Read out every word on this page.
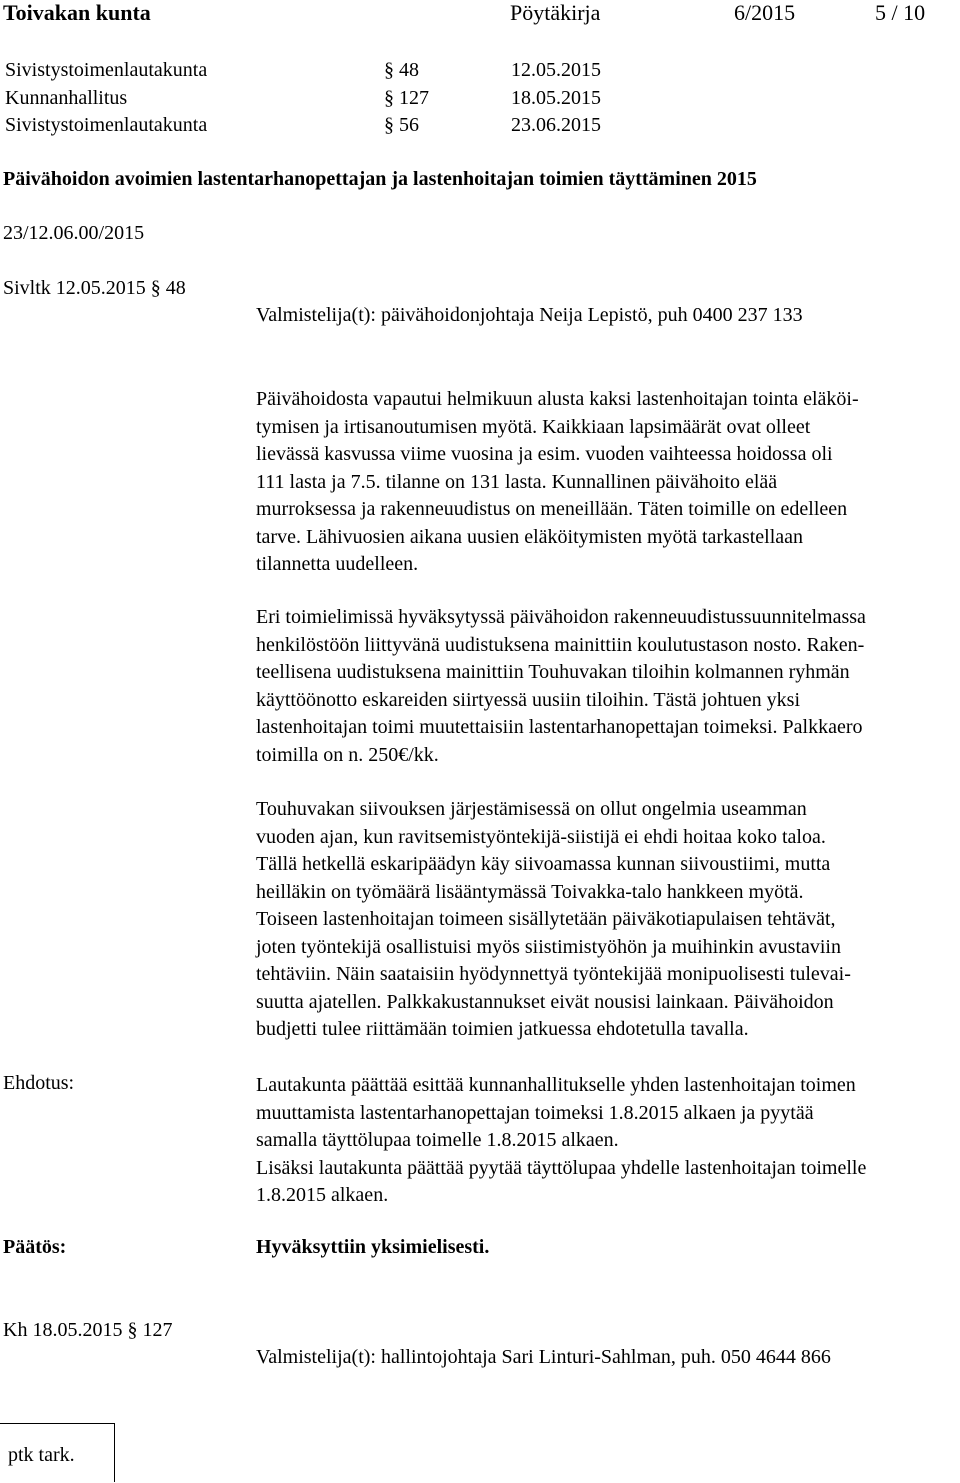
Toivakan kunta	Pöytäkirja	6/2015	5 / 10
Sivistystoimenlautakunta	§ 48	12.05.2015
Kunnanhallitus	§ 127	18.05.2015
Sivistystoimenlautakunta	§ 56	23.06.2015
Päivähoidon avoimien lastentarhanopettajan ja lastenhoitajan toimien täyttäminen 2015
23/12.06.00/2015
Sivltk 12.05.2015 § 48
Valmistelija(t): päivähoidonjohtaja Neija Lepistö, puh 0400 237 133
Päivähoidosta vapautui helmikuun alusta kaksi lastenhoitajan tointa eläköi-
tymisen ja irtisanoutumisen myötä. Kaikkiaan lapsimäärät ovat olleet
lievässä kasvussa viime vuosina ja esim. vuoden vaihteessa hoidossa oli
111 lasta ja 7.5. tilanne on 131 lasta. Kunnallinen päivähoito elää
murroksessa ja rakenneuudistus on meneillään. Täten toimille on edelleen
tarve. Lähivuosien aikana uusien eläköitymisten myötä tarkastellaan
tilannetta uudelleen.
Eri toimielimissä hyväksytyssä päivähoidon rakenneuudistussuunnitelmassa
henkilöstöön liittyvänä uudistuksena mainittiin koulutustason nosto. Raken-
teellisena uudistuksena mainittiin Touhuvakan tiloihin kolmannen ryhmän
käyttöönotto eskareiden siirtyessä uusiin tiloihin. Tästä johtuen yksi
lastenhoitajan toimi muutettaisiin lastentarhanopettajan toimeksi. Palkkaero
toimilla on n. 250€/kk.
Touhuvakan siivouksen järjestämisessä on ollut ongelmia useamman
vuoden ajan, kun ravitsemistyöntekijä-siistijä ei ehdi hoitaa koko taloa.
Tällä hetkellä eskaripäädyn käy siivoamassa kunnan siivoustiimi, mutta
heilläkin on työmäärä lisääntymässä Toivakka-talo hankkeen myötä.
Toiseen lastenhoitajan toimeen sisällytetään päiväkotiapulaisen tehtävät,
joten työntekijä osallistuisi myös siistimistyöhön ja muihinkin avustaviin
tehtäviin. Näin saataisiin hyödynnettyä työntekijää monipuolisesti tulevai-
suutta ajatellen. Palkkakustannukset eivät nousisi lainkaan. Päivähoidon
budjetti tulee riittämään toimien jatkuessa ehdotetulla tavalla.
Ehdotus:	Lautakunta päättää esittää kunnanhallitukselle yhden lastenhoitajan toimen
muuttamista lastentarhanopettajan toimeksi 1.8.2015 alkaen ja pyytää
samalla täyttölupaa toimelle 1.8.2015 alkaen.
Lisäksi lautakunta päättää pyytää täyttölupaa yhdelle lastenhoitajan toimelle
1.8.2015 alkaen.
Päätös:	Hyväksyttiin yksimielisesti.
Kh 18.05.2015 § 127
Valmistelija(t): hallintojohtaja Sari Linturi-Sahlman, puh. 050 4644 866
ptk tark.
